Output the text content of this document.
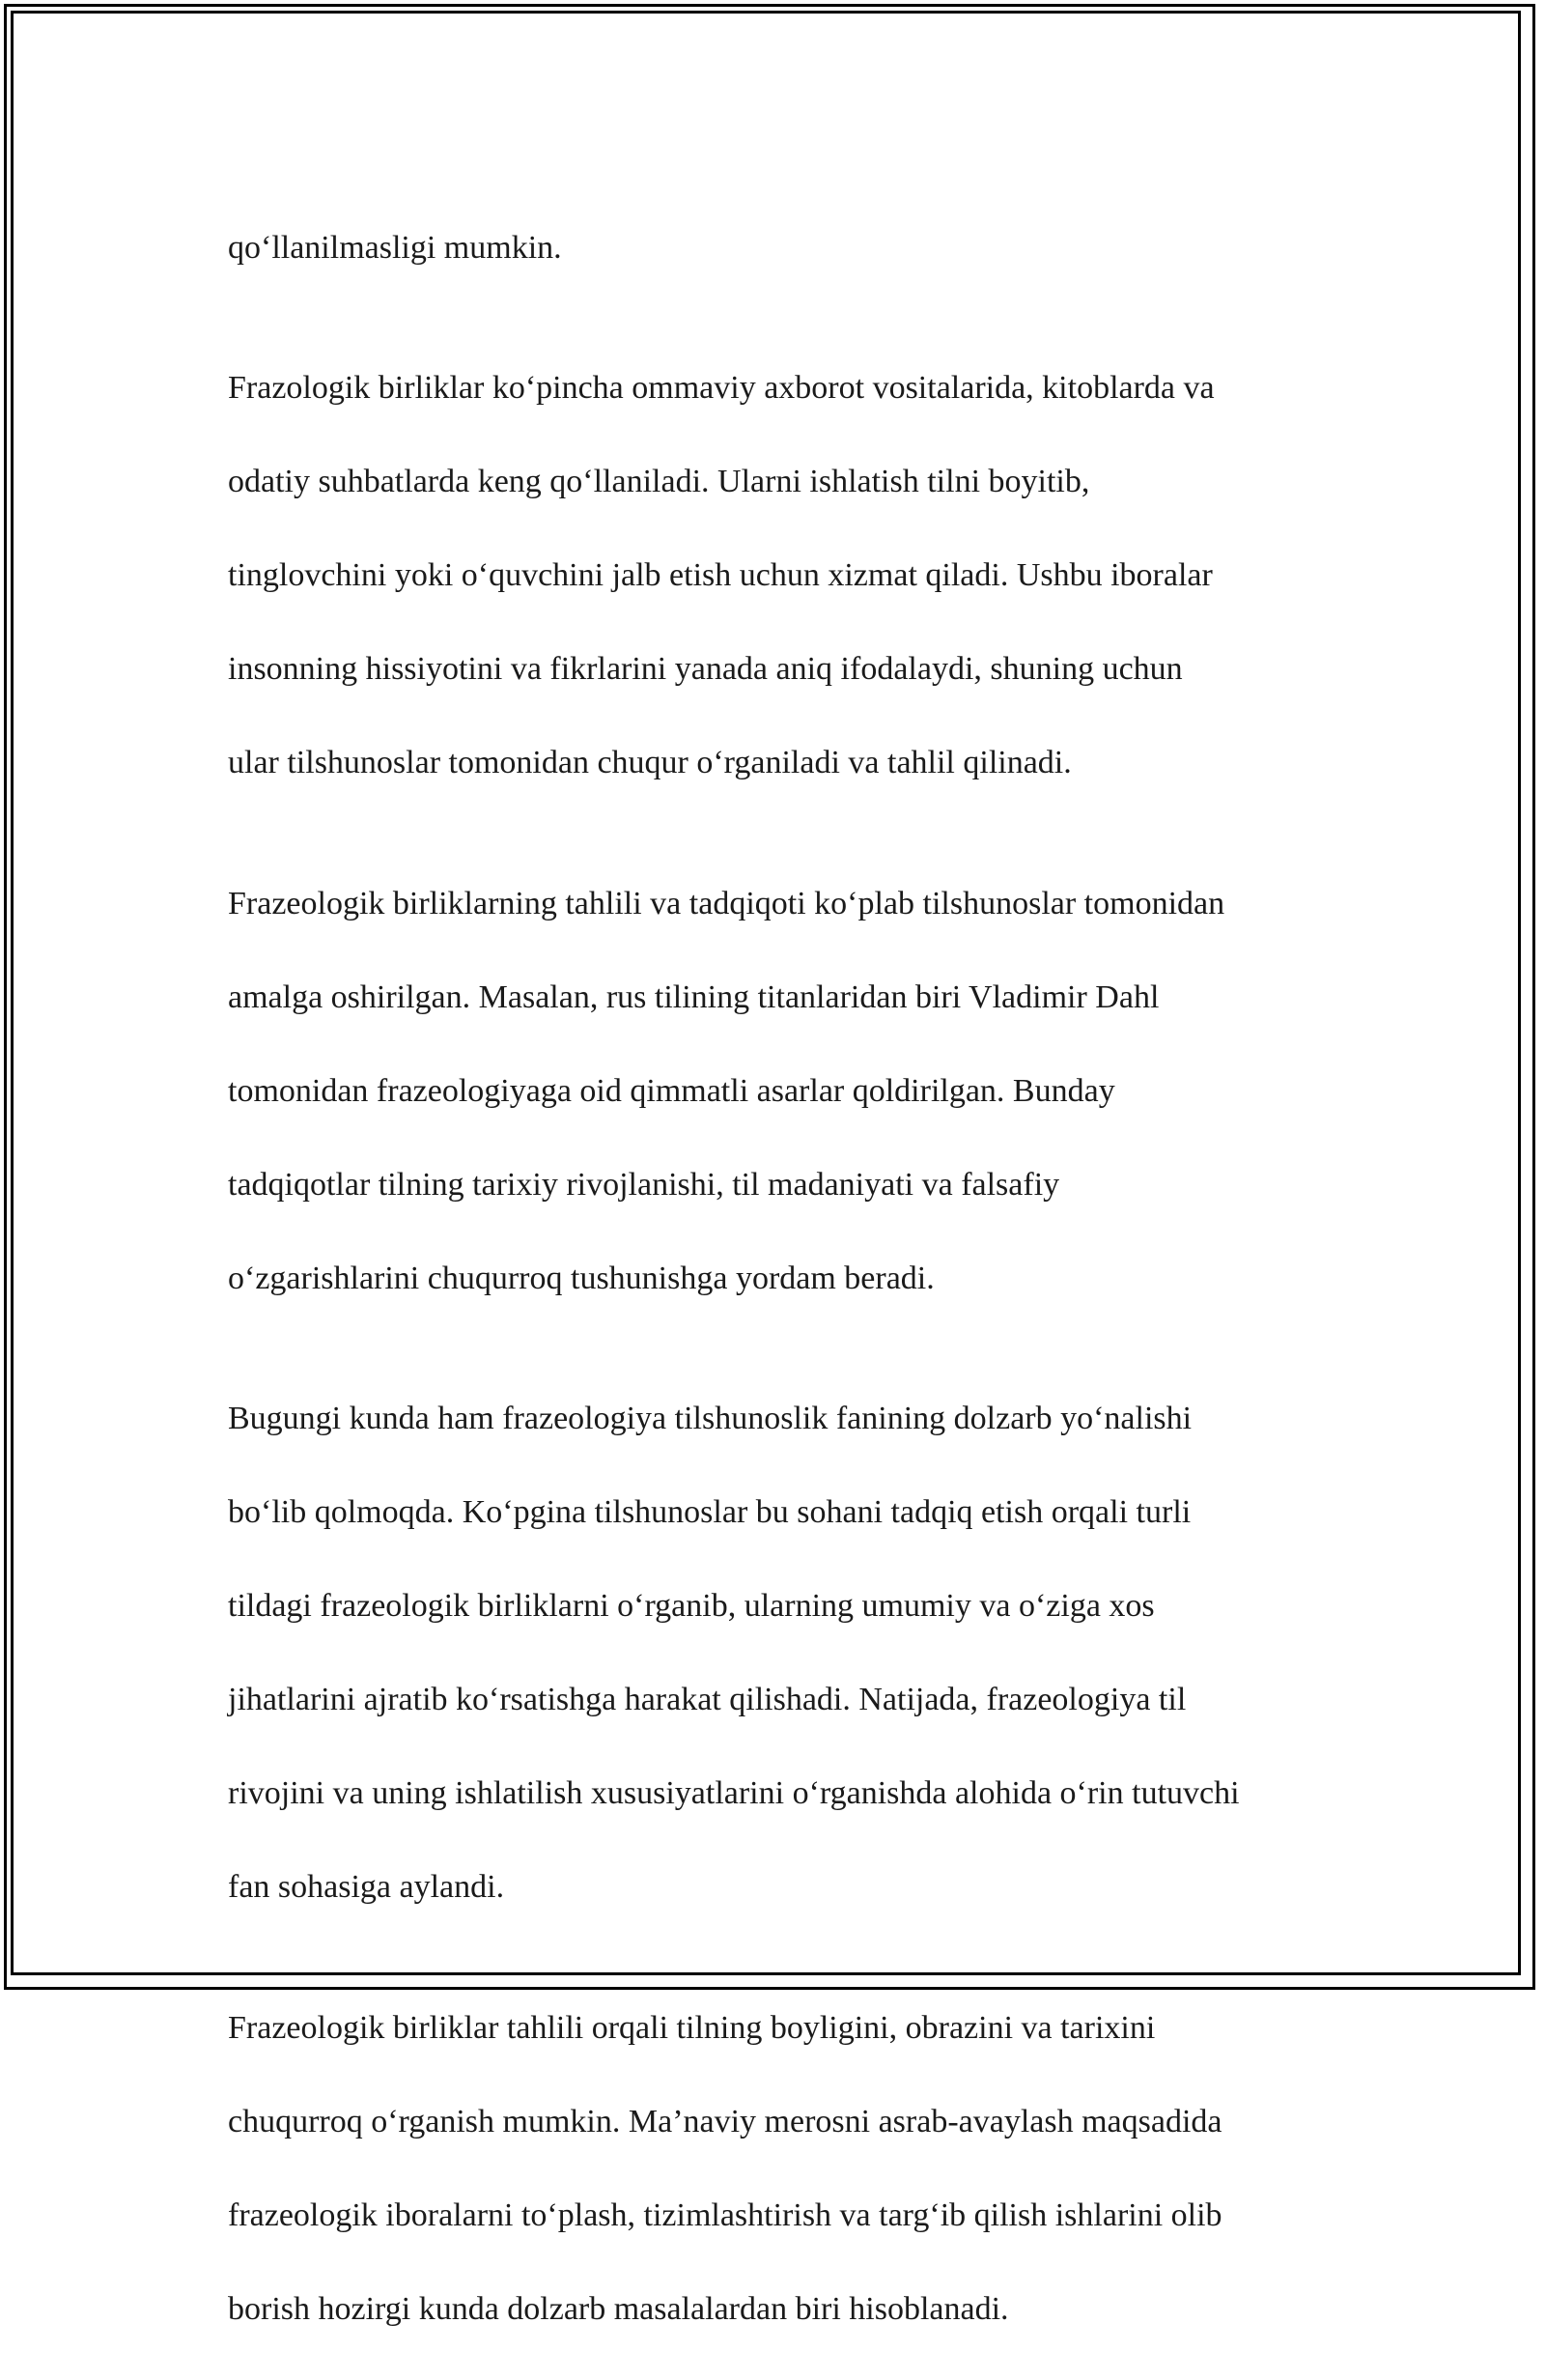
qo‘llanilmasligi mumkin.

Frazologik birliklar ko‘pincha ommaviy axborot vositalarida, kitoblarda va

odatiy suhbatlarda keng qo‘llaniladi. Ularni ishlatish tilni boyitib,

tinglovchini yoki o‘quvchini jalb etish uchun xizmat qiladi. Ushbu iboralar

insonning hissiyotini va fikrlarini yanada aniq ifodalaydi, shuning uchun

ular tilshunoslar tomonidan chuqur o‘rganiladi va tahlil qilinadi.

Frazeologik birliklarning tahlili va tadqiqoti ko‘plab tilshunoslar tomonidan

amalga oshirilgan. Masalan, rus tilining titanlaridan biri Vladimir Dahl

tomonidan frazeologiyaga oid qimmatli asarlar qoldirilgan. Bunday

tadqiqotlar tilning tarixiy rivojlanishi, til madaniyati va falsafiy

o‘zgarishlarini chuqurroq tushunishga yordam beradi.

Bugungi kunda ham frazeologiya tilshunoslik fanining dolzarb yo‘nalishi

bo‘lib qolmoqda. Ko‘pgina tilshunoslar bu sohani tadqiq etish orqali turli

tildagi frazeologik birliklarni o‘rganib, ularning umumiy va o‘ziga xos

jihatlarini ajratib ko‘rsatishga harakat qilishadi. Natijada, frazeologiya til

rivojini va uning ishlatilish xususiyatlarini o‘rganishda alohida o‘rin tutuvchi

fan sohasiga aylandi.

Frazeologik birliklar tahlili orqali tilning boyligini, obrazini va tarixini

chuqurroq o‘rganish mumkin. Ma’naviy merosni asrab-avaylash maqsadida

frazeologik iboralarni to‘plash, tizimlashtirish va targ‘ib qilish ishlarini olib

borish hozirgi kunda dolzarb masalalardan biri hisoblanadi.
